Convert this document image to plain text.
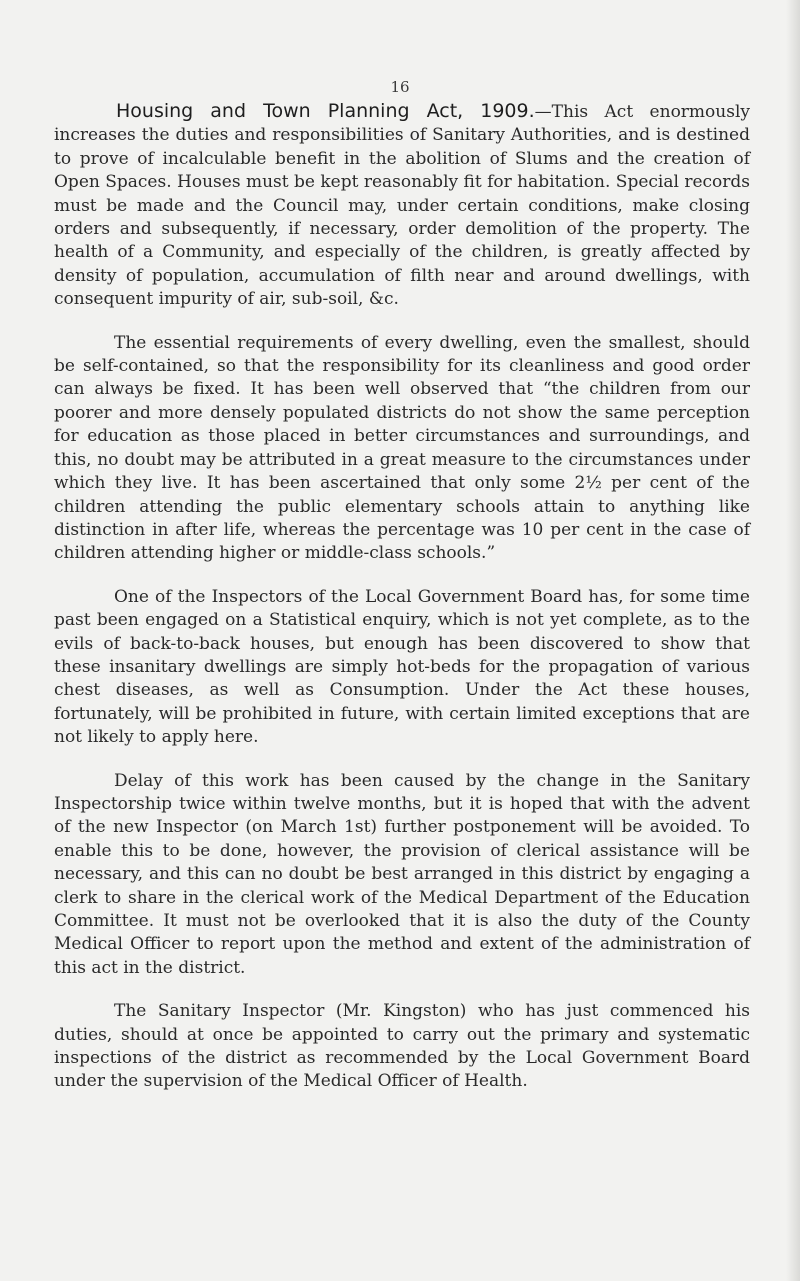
16

Housing and Town Planning Act, 1909.—This Act enormously increases the duties and responsibilities of Sanitary Authorities, and is destined to prove of incalculable benefit in the abolition of Slums and the creation of Open Spaces. Houses must be kept reasonably fit for habitation. Special records must be made and the Council may, under certain conditions, make closing orders and subsequently, if necessary, order demolition of the property. The health of a Community, and especially of the children, is greatly affected by density of population, accumulation of filth near and around dwellings, with consequent impurity of air, sub-soil, &c.

The essential requirements of every dwelling, even the smallest, should be self-contained, so that the responsibility for its cleanliness and good order can always be fixed. It has been well observed that “the children from our poorer and more densely populated districts do not show the same perception for education as those placed in better circumstances and surroundings, and this, no doubt may be attributed in a great measure to the circumstances under which they live. It has been ascertained that only some 2½ per cent of the children attending the public elementary schools attain to anything like distinction in after life, whereas the percentage was 10 per cent in the case of children attending higher or middle-class schools.”

One of the Inspectors of the Local Government Board has, for some time past been engaged on a Statistical enquiry, which is not yet complete, as to the evils of back-to-back houses, but enough has been discovered to show that these insanitary dwellings are simply hot-beds for the propagation of various chest diseases, as well as Consumption. Under the Act these houses, fortunately, will be prohibited in future, with certain limited exceptions that are not likely to apply here.

Delay of this work has been caused by the change in the Sanitary Inspectorship twice within twelve months, but it is hoped that with the advent of the new Inspector (on March 1st) further postponement will be avoided. To enable this to be done, however, the provision of clerical assistance will be necessary, and this can no doubt be best arranged in this district by engaging a clerk to share in the clerical work of the Medical Department of the Education Committee. It must not be overlooked that it is also the duty of the County Medical Officer to report upon the method and extent of the administration of this act in the district.

The Sanitary Inspector (Mr. Kingston) who has just commenced his duties, should at once be appointed to carry out the primary and systematic inspections of the district as recommended by the Local Government Board under the supervision of the Medical Officer of Health.
